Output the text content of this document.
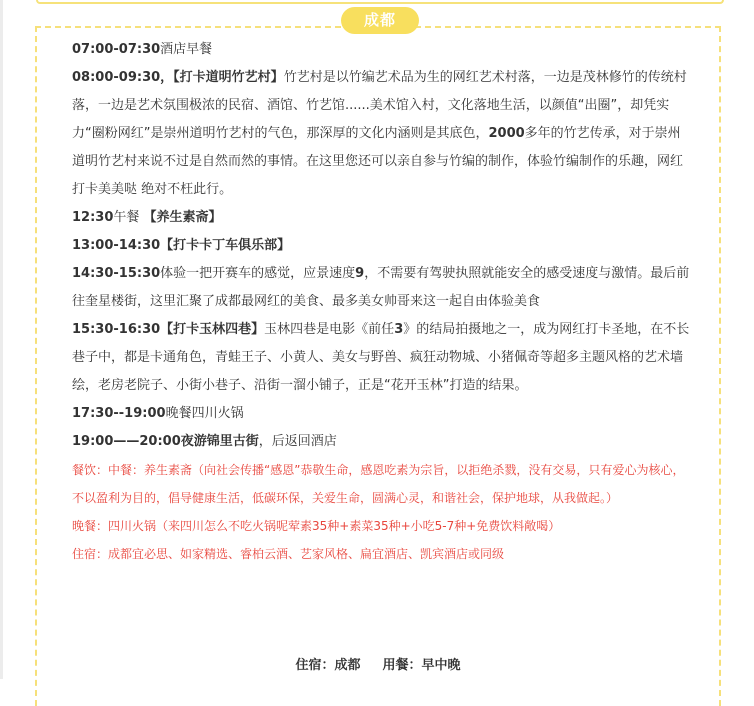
成都

07:00-07:30酒店早餐

08:00-09:30，【打卡道明竹艺村】竹艺村是以竹编艺术品为生的网红艺术村落，一边是茂林修竹的传统村落，一边是艺术氛围极浓的民宿、酒馆、竹艺馆......美术馆入村，文化落地生活，以颜值“出圈”，却凭实力“圈粉网红”是崇州道明竹艺村的气色，那深厚的文化内涵则是其底色，2000多年的竹艺传承，对于崇州道明竹艺村来说不过是自然而然的事情。在这里您还可以亲自参与竹编的制作，体验竹编制作的乐趣，网红打卡美美哒 绝对不枉此行。

12:30午餐 【养生素斋】

13:00-14:30【打卡卡丁车俱乐部】

14:30-15:30体验一把开赛车的感觉，应景速度9，不需要有驾驶执照就能安全的感受速度与激情。最后前往奎星楼街，这里汇聚了成都最网红的美食、最多美女帅哥来这一起自由体验美食

15:30-16:30【打卡玉林四巷】玉林四巷是电影《前任3》的结局拍摄地之一，成为网红打卡圣地，在不长巷子中，都是卡通角色，青蛙王子、小黄人、美女与野兽、疯狂动物城、小猪佩奇等超多主题风格的艺术墙绘，老房老院子、小街小巷子、沿街一溜小铺子，正是“花开玉林”打造的结果。

17:30--19:00晚餐四川火锅

19:00——20:00夜游锦里古街，后返回酒店

餐饮：中餐：养生素斋（向社会传播“感恩”恭敬生命，感恩吃素为宗旨，以拒绝杀戮，没有交易，只有爱心为核心，不以盈利为目的，倡导健康生活，低碳环保，关爱生命，圆满心灵，和谐社会，保护地球，从我做起。）

晚餐：四川火锅（来四川怎么不吃火锅呢荤素35种+素菜35种+小吃5-7种+免费饮料敞喝）

住宿：成都宜必思、如家精选、睿柏云酒、艺家风格、扁宜酒店、凯宾酒店或同级

住宿：成都 用餐：早中晚
